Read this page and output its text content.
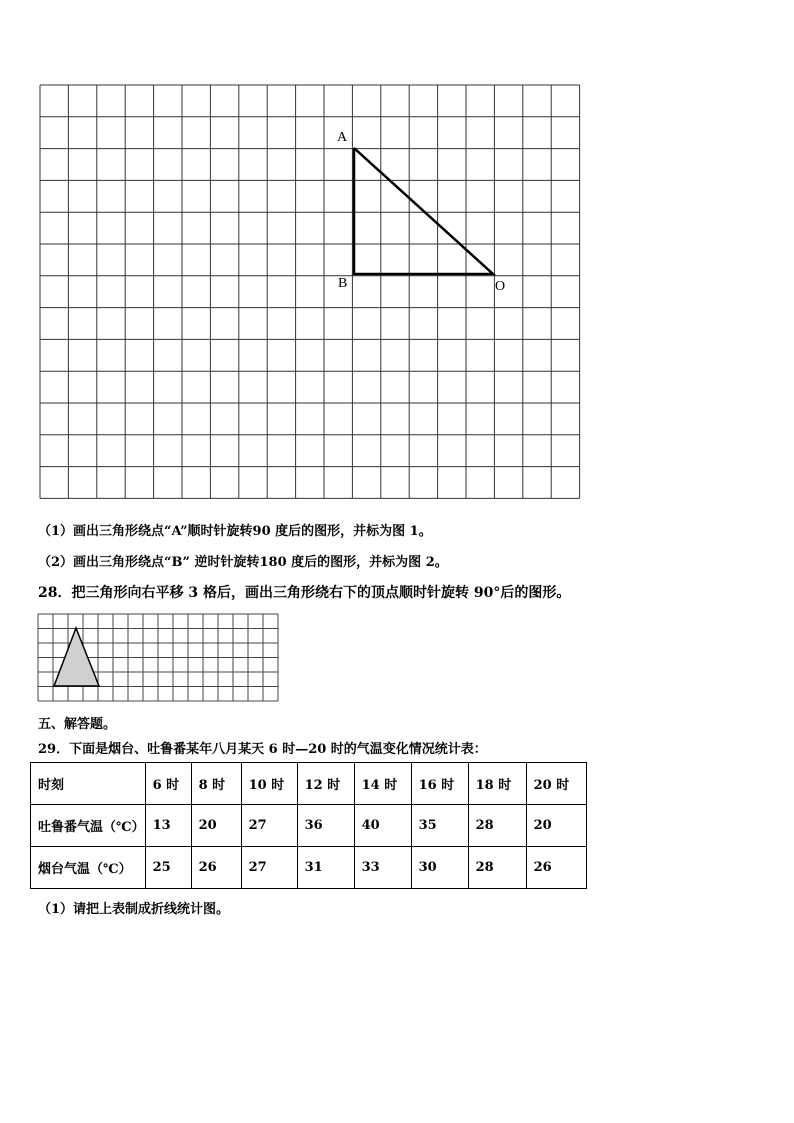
A
B	O
（1）画出三角形绕点“A”顺时针旋转90 度后的图形，并标为图 1。
（2）画出三角形绕点“B” 逆时针旋转180 度后的图形，并标为图 2。
28．把三角形向右平移 3 格后，画出三角形绕右下的顶点顺时针旋转 90°后的图形。
五、解答题。
29．下面是烟台、吐鲁番某年八月某天 6 时—20 时的气温变化情况统计表：
时刻	6 时	8 时	10 时	12 时	14 时	16 时	18 时	20 时
吐鲁番气温（℃）	13	20	27	36	40	35	28	20
烟台气温（℃）	25	26	27	31	33	30	28	26
（1）请把上表制成折线统计图。
